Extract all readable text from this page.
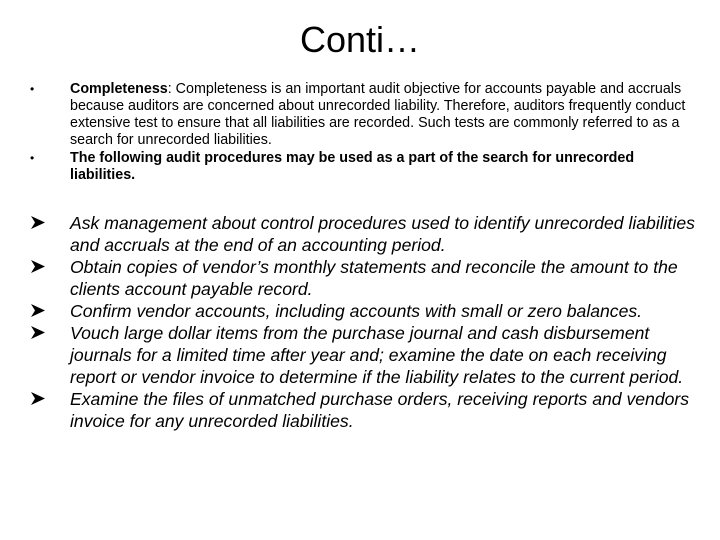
Conti…
•	Completeness: Completeness is an important audit objective for accounts payable and accruals because auditors are concerned about unrecorded liability. Therefore, auditors frequently conduct extensive test to ensure that all liabilities are recorded. Such tests are commonly referred to as a search for unrecorded liabilities.
•	The following audit procedures may be used as a part of the search for unrecorded liabilities.
Ask management about control procedures used to identify unrecorded liabilities and accruals at the end of an accounting period.
Obtain copies of vendor’s monthly statements and reconcile the amount to the clients account payable record.
Confirm vendor accounts, including accounts with small or zero balances.
Vouch large dollar items from the purchase journal and cash disbursement journals for a limited time after year and; examine the date on each receiving report or vendor invoice to determine if the liability relates to the current period.
Examine the files of unmatched purchase orders, receiving reports and vendors invoice for any unrecorded liabilities.
